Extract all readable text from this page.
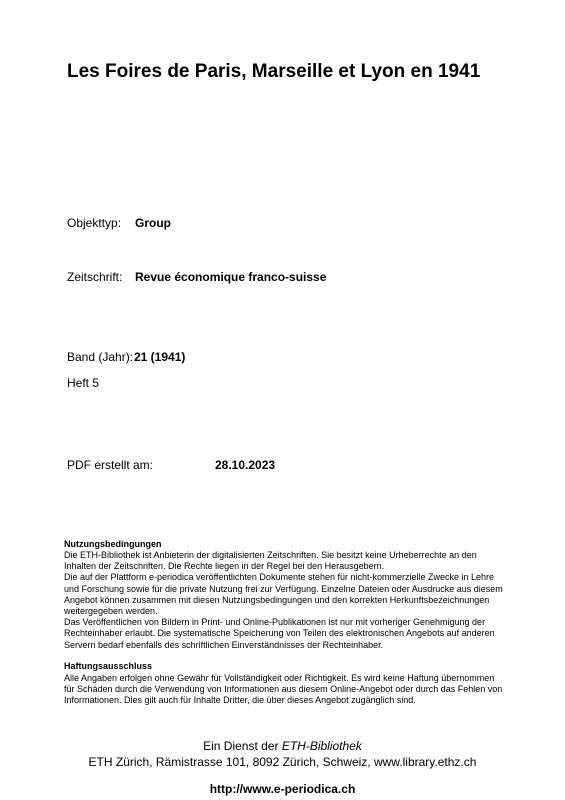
Les Foires de Paris, Marseille et Lyon en 1941
Objekttyp: Group
Zeitschrift: Revue économique franco-suisse
Band (Jahr): 21 (1941)
Heft 5
PDF erstellt am:	28.10.2023
Nutzungsbedingungen

Die ETH-Bibliothek ist Anbieterin der digitalisierten Zeitschriften. Sie besitzt keine Urheberrechte an den Inhalten der Zeitschriften. Die Rechte liegen in der Regel bei den Herausgebern.

Die auf der Plattform e-periodica veröffentlichten Dokumente stehen für nicht-kommerzielle Zwecke in Lehre und Forschung sowie für die private Nutzung frei zur Verfügung. Einzelne Dateien oder Ausdrucke aus diesem Angebot können zusammen mit diesen Nutzungsbedingungen und den korrekten Herkunftsbezeichnungen weitergegeben werden.

Das Veröffentlichen von Bildern in Print- und Online-Publikationen ist nur mit vorheriger Genehmigung der Rechteinhaber erlaubt. Die systematische Speicherung von Teilen des elektronischen Angebots auf anderen Servern bedarf ebenfalls des schriftlichen Einverständnisses der Rechteinhaber.

Haftungsausschluss

Alle Angaben erfolgen ohne Gewähr für Vollständigkeit oder Richtigkeit. Es wird keine Haftung übernommen für Schäden durch die Verwendung von Informationen aus diesem Online-Angebot oder durch das Fehlen von Informationen. Dies gilt auch für Inhalte Dritter, die über dieses Angebot zugänglich sind.

Ein Dienst der ETH-Bibliothek
ETH Zürich, Rämistrasse 101, 8092 Zürich, Schweiz, www.library.ethz.ch
http://www.e-periodica.ch
